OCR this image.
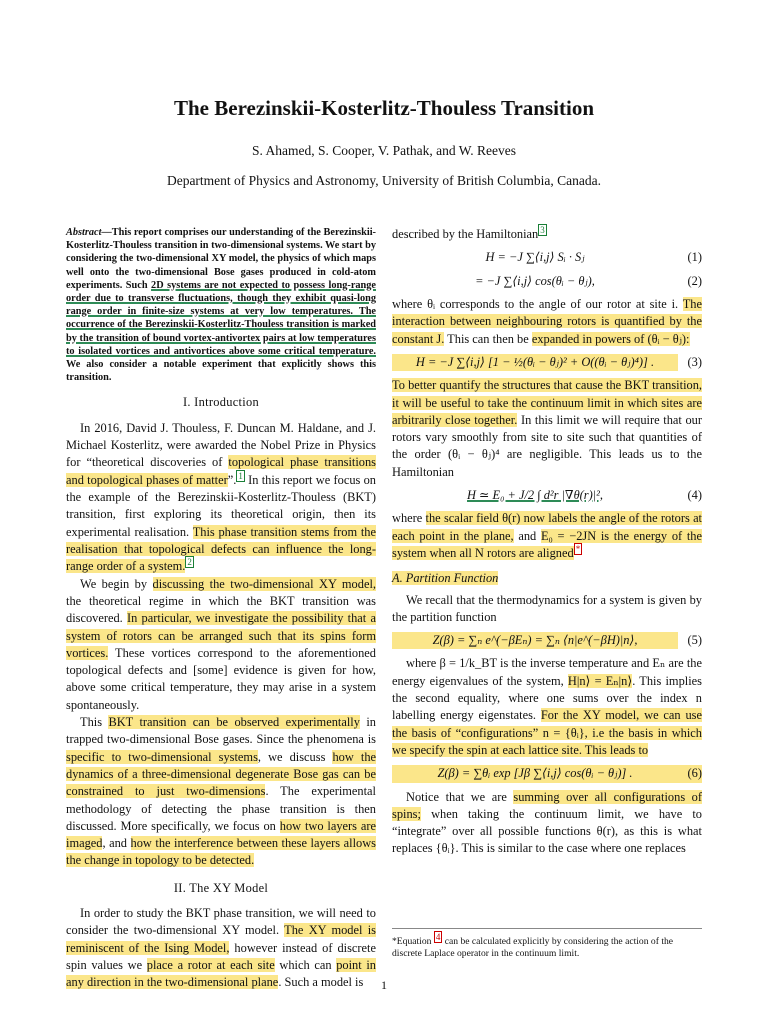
The Berezinskii-Kosterlitz-Thouless Transition
S. Ahamed, S. Cooper, V. Pathak, and W. Reeves
Department of Physics and Astronomy, University of British Columbia, Canada.
Abstract—This report comprises our understanding of the Berezinskii-Kosterlitz-Thouless transition in two-dimensional systems. We start by considering the two-dimensional XY model, the physics of which maps well onto the two-dimensional Bose gases produced in cold-atom experiments. Such 2D systems are not expected to possess long-range order due to transverse fluctuations, though they exhibit quasi-long range order in finite-size systems at very low temperatures. The occurrence of the Berezinskii-Kosterlitz-Thouless transition is marked by the transition of bound vortex-antivortex pairs at low temperatures to isolated vortices and antivortices above some critical temperature. We also consider a notable experiment that explicitly shows this transition.
I. Introduction

In 2016, David J. Thouless, F. Duncan M. Haldane, and J. Michael Kosterlitz, were awarded the Nobel Prize in Physics for “theoretical discoveries of topological phase transitions and topological phases of matter”. $^1$ In this report we focus on the example of the Berezinskii-Kosterlitz-Thouless (BKT) transition, first exploring its theoretical origin, then its experimental realisation. This phase transition stems from the realisation that topological defects can influence the long-range order of a system. $^2$

We begin by discussing the two-dimensional XY model, the theoretical regime in which the BKT transition was discovered. In particular, we investigate the possibility that a system of rotors can be arranged such that its spins form vortices. These vortices correspond to the aforementioned topological defects and [some] evidence is given for how, above some critical temperature, they may arise in a system spontaneously.

This BKT transition can be observed experimentally in trapped two-dimensional Bose gases. Since the phenomena is specific to two-dimensional systems, we discuss how the dynamics of a three-dimensional degenerate Bose gas can be constrained to just two-dimensions. The experimental methodology of detecting the phase transition is then discussed. More specifically, we focus on how two layers are imaged, and how the interference between these layers allows the change in topology to be detected.

II. The XY Model

In order to study the BKT phase transition, we will need to consider the two-dimensional XY model. The XY model is reminiscent of the Ising Model, however instead of discrete spin values we place a rotor at each site which can point in any direction in the two-dimensional plane. Such a model is

described by the Hamiltonian $^3$

H = −J ∑⟨i,j⟩ Sᵢ · Sⱼ	(1)
= −J ∑⟨i,j⟩ cos(θᵢ − θⱼ),	(2)

where θᵢ corresponds to the angle of our rotor at site i. The interaction between neighbouring rotors is quantified by the constant J. This can then be expanded in powers of (θᵢ − θⱼ):

H = −J ∑⟨i,j⟩ [1 − ½(θᵢ − θⱼ)² + O((θᵢ − θⱼ)⁴)] .	(3)

To better quantify the structures that cause the BKT transition, it will be useful to take the continuum limit in which sites are arbitrarily close together. In this limit we will require that our rotors vary smoothly from site to site such that quantities of the order (θᵢ − θⱼ)⁴ are negligible. This leads us to the Hamiltonian

H ≃ E₀ + J/2 ∫ d²r |∇θ(r)|²,	(4)

where the scalar field θ(r) now labels the angle of the rotors at each point in the plane, and E₀ = −2JN is the energy of the system when all N rotors are aligned *

A. Partition Function

We recall that the thermodynamics for a system is given by the partition function

Z(β) = ∑ₙ e^(−βEₙ) = ∑ₙ ⟨n|e^(−βH)|n⟩,	(5)

where β = 1/k_BT is the inverse temperature and Eₙ are the energy eigenvalues of the system, H|n⟩ = Eₙ|n⟩. This implies the second equality, where one sums over the index n labelling energy eigenstates. For the XY model, we can use the basis of “configurations” n = {θᵢ}, i.e the basis in which we specify the spin at each lattice site. This leads to

Z(β) = ∑θᵢ exp [Jβ ∑⟨i,j⟩ cos(θᵢ − θⱼ)] .	(6)

Notice that we are summing over all configurations of spins; when taking the continuum limit, we have to “integrate” over all possible functions θ(r), as this is what replaces {θᵢ}. This is similar to the case where one replaces

*Equation 4 can be calculated explicitly by considering the action of the discrete Laplace operator in the continuum limit.
1
